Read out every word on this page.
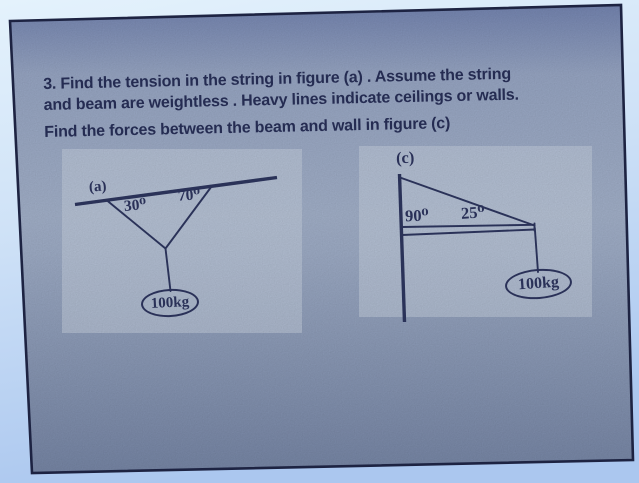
3. Find the tension in the string in figure (a) . Assume the string
and beam are weightless . Heavy lines indicate ceilings or walls.
Find the forces between the beam and wall in figure (c)
(a)
30⁰
70⁰
100kg
(c)
90⁰ 25⁰
100kg
